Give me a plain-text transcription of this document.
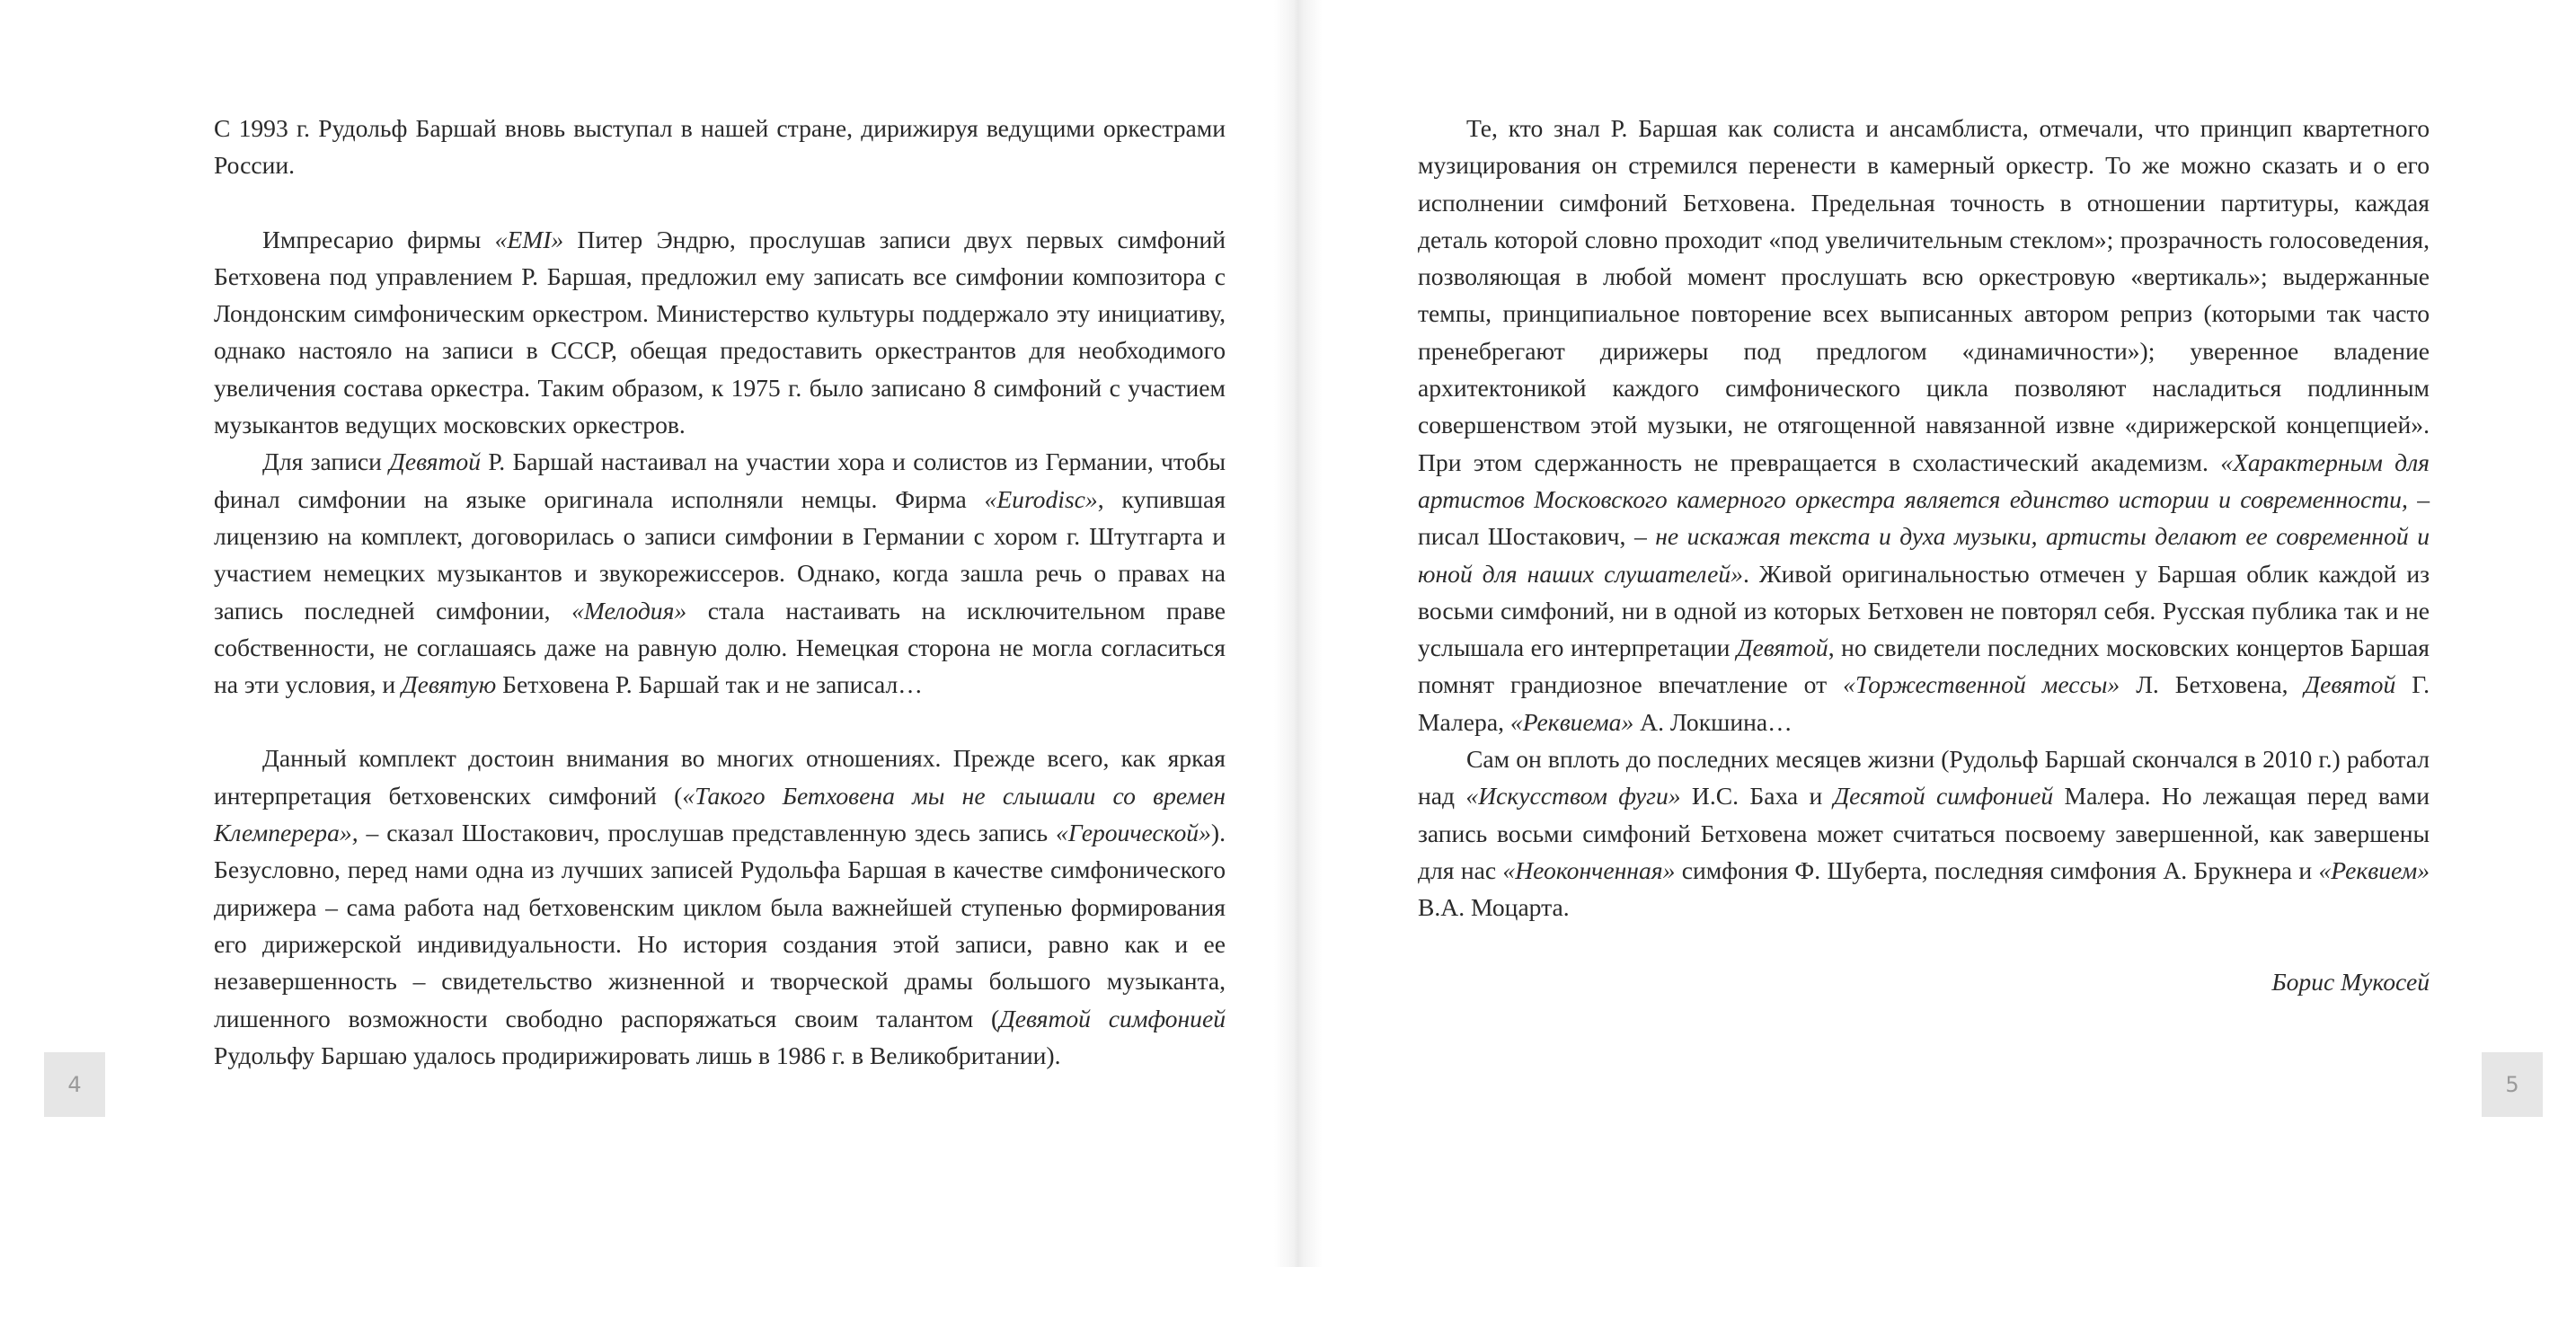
С 1993 г. Рудольф Баршай вновь выступал в нашей стране, дирижируя ведущими оркестрами России.

Импресарио фирмы «EMI» Питер Эндрю, прослушав записи двух первых симфоний Бетховена под управлением Р. Баршая, предложил ему записать все симфонии композитора с Лондонским симфоническим оркестром. Министерство культуры поддержало эту инициативу, однако настояло на записи в СССР, обещая предоставить оркестрантов для необходимого увеличения состава оркестра. Таким образом, к 1975 г. было записано 8 симфоний с участием музыкантов ведущих московских оркестров.

Для записи Девятой Р. Баршай настаивал на участии хора и солистов из Германии, чтобы финал симфонии на языке оригинала исполняли немцы. Фирма «Eurodisc», купившая лицензию на комплект, договорилась о записи симфонии в Германии с хором г. Штутгарта и участием немецких музыкантов и звукорежиссеров. Однако, когда зашла речь о правах на запись последней симфонии, «Мелодия» стала настаивать на исключительном праве собственности, не соглашаясь даже на равную долю. Немецкая сторона не могла согласиться на эти условия, и Девятую Бетховена Р. Баршай так и не записал…

Данный комплект достоин внимания во многих отношениях. Прежде всего, как яркая интерпретация бетховенских симфоний («Такого Бетховена мы не слышали со времен Клемперера», – сказал Шостакович, прослушав представленную здесь запись «Героической»). Безусловно, перед нами одна из лучших записей Рудольфа Баршая в качестве симфонического дирижера – сама работа над бетховенским циклом была важнейшей ступенью формирования его дирижерской индивидуальности. Но история создания этой записи, равно как и ее незавершенность – свидетельство жизненной и творческой драмы большого музыканта, лишенного возможности свободно распоряжаться своим талантом (Девятой симфонией Рудольфу Баршаю удалось продирижировать лишь в 1986 г. в Великобритании).

Те, кто знал Р. Баршая как солиста и ансамблиста, отмечали, что принцип квартетного музицирования он стремился перенести в камерный оркестр. То же можно сказать и о его исполнении симфоний Бетховена. Предельная точность в отношении партитуры, каждая деталь которой словно проходит «под увеличительным стеклом»; прозрачность голосоведения, позволяющая в любой момент прослушать всю оркестровую «вертикаль»; выдержанные темпы, принципиальное повторение всех выписанных автором реприз (которыми так часто пренебрегают дирижеры под предлогом «динамичности»); уверенное владение архитектоникой каждого симфонического цикла позволяют насладиться подлинным совершенством этой музыки, не отягощенной навязанной извне «дирижерской концепцией». При этом сдержанность не превращается в схоластический академизм. «Характерным для артистов Московского камерного оркестра является единство истории и современности, – писал Шостакович, – не искажая текста и духа музыки, артисты делают ее современной и юной для наших слушателей». Живой оригинальностью отмечен у Баршая облик каждой из восьми симфоний, ни в одной из которых Бетховен не повторял себя. Русская публика так и не услышала его интерпретации Девятой, но свидетели последних московских концертов Баршая помнят грандиозное впечатление от «Торжественной мессы» Л. Бетховена, Девятой Г. Малера, «Реквиема» А. Локшина…

Сам он вплоть до последних месяцев жизни (Рудольф Баршай скончался в 2010 г.) работал над «Искусством фуги» И.С. Баха и Десятой симфонией Малера. Но лежащая перед вами запись восьми симфоний Бетховена может считаться посвоему завершенной, как завершены для нас «Неоконченная» симфония Ф. Шуберта, последняя симфония А. Брукнера и «Реквием» В.А. Моцарта.

Борис Мукосей

4	5
